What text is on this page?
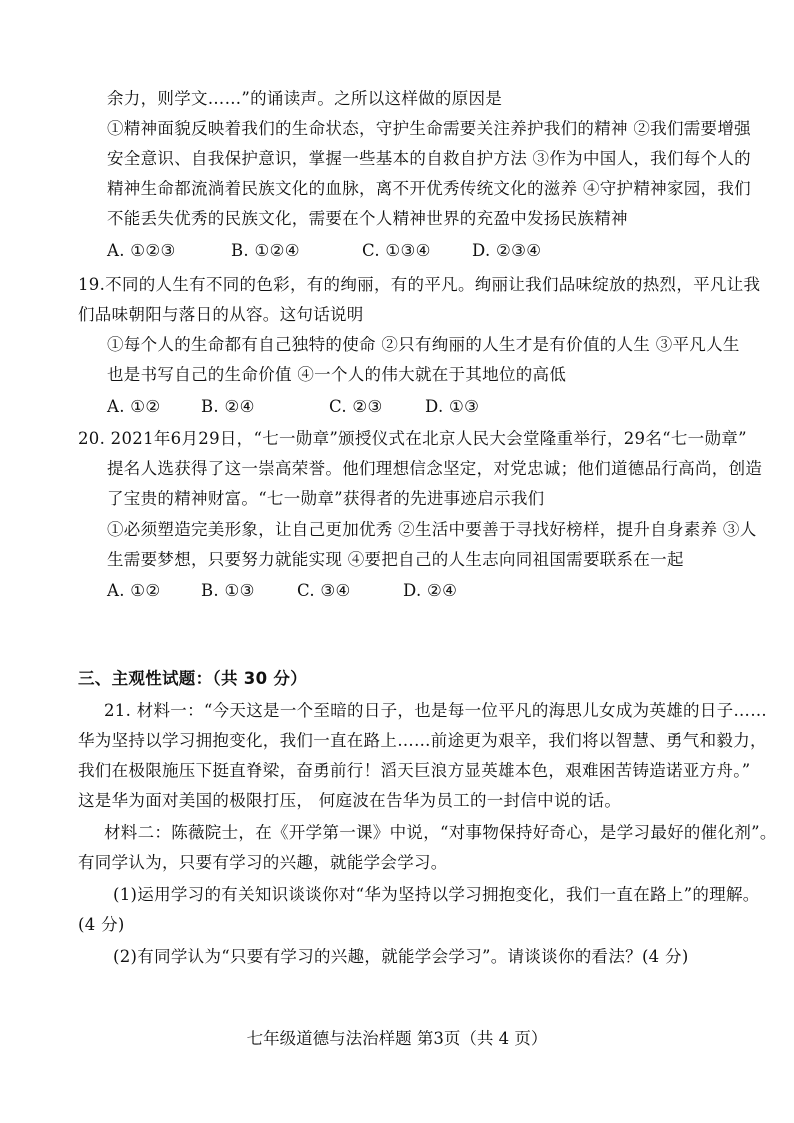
余力，则学文……”的诵读声。之所以这样做的原因是
①精神面貌反映着我们的生命状态，守护生命需要关注养护我们的精神 ②我们需要增强
安全意识、自我保护意识，掌握一些基本的自救自护方法 ③作为中国人，我们每个人的
精神生命都流淌着民族文化的血脉，离不开优秀传统文化的滋养 ④守护精神家园，我们
不能丢失优秀的民族文化，需要在个人精神世界的充盈中发扬民族精神
A. ①②③	B. ①②④	C. ①③④	D. ②③④
19.不同的人生有不同的色彩，有的绚丽，有的平凡。绚丽让我们品味绽放的热烈，平凡让我
们品味朝阳与落日的从容。这句话说明
①每个人的生命都有自己独特的使命 ②只有绚丽的人生才是有价值的人生 ③平凡人生
也是书写自己的生命价值 ④一个人的伟大就在于其地位的高低
A. ①② B. ②④	C. ②③	D. ①③
20. 2021年6月29日，“七一勋章”颁授仪式在北京人民大会堂隆重举行，29名“七一勋章”
提名人选获得了这一崇高荣誉。他们理想信念坚定，对党忠诚；他们道德品行高尚，创造
了宝贵的精神财富。“七一勋章”获得者的先进事迹启示我们
①必须塑造完美形象，让自己更加优秀 ②生活中要善于寻找好榜样，提升自身素养 ③人
生需要梦想，只要努力就能实现 ④要把自己的人生志向同祖国需要联系在一起
A. ①② B. ①③	C. ③④	D. ②④
三、主观性试题：（共 30 分）
21. 材料一：“今天这是一个至暗的日子，也是每一位平凡的海思儿女成为英雄的日子……
华为坚持以学习拥抱变化，我们一直在路上……前途更为艰辛，我们将以智慧、勇气和毅力，
我们在极限施压下挺直脊梁，奋勇前行！滔天巨浪方显英雄本色，艰难困苦铸造诺亚方舟。”
这是华为面对美国的极限打压， 何庭波在告华为员工的一封信中说的话。
材料二：陈薇院士，在《开学第一课》中说，“对事物保持好奇心，是学习最好的催化剂”。
有同学认为，只要有学习的兴趣，就能学会学习。
(1)运用学习的有关知识谈谈你对“华为坚持以学习拥抱变化，我们一直在路上”的理解。
(4 分)
(2)有同学认为“只要有学习的兴趣，就能学会学习”。请谈谈你的看法？(4 分)
七年级道德与法治样题 第3页（共 4 页）
